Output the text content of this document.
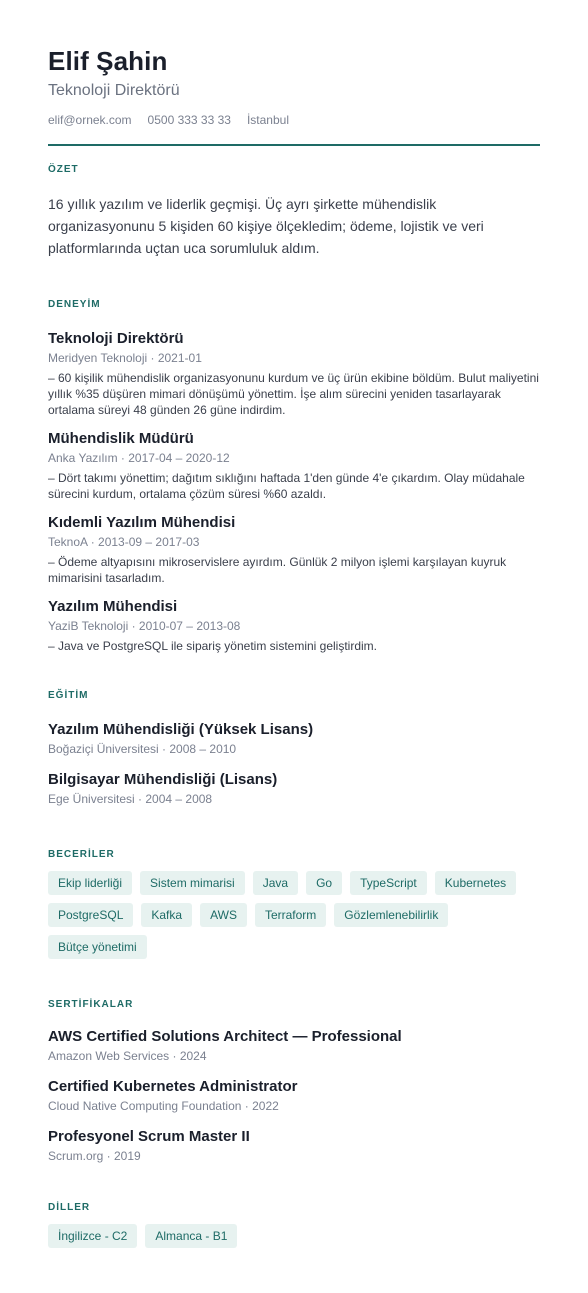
Elif Şahin
Teknoloji Direktörü
elif@ornek.com 0500 333 33 33 İstanbul
ÖZET
16 yıllık yazılım ve liderlik geçmişi. Üç ayrı şirkette mühendislik organizasyonunu 5 kişiden 60 kişiye ölçekledim; ödeme, lojistik ve veri platformlarında uçtan uca sorumluluk aldım.
DENEYİM
Teknoloji Direktörü
Meridyen Teknoloji · 2021-01
– 60 kişilik mühendislik organizasyonunu kurdum ve üç ürün ekibine böldüm. Bulut maliyetini yıllık %35 düşüren mimari dönüşümü yönettim. İşe alım sürecini yeniden tasarlayarak ortalama süreyi 48 günden 26 güne indirdim.
Mühendislik Müdürü
Anka Yazılım · 2017-04 – 2020-12
– Dört takımı yönettim; dağıtım sıklığını haftada 1'den günde 4'e çıkardım. Olay müdahale sürecini kurdum, ortalama çözüm süresi %60 azaldı.
Kıdemli Yazılım Mühendisi
TeknoA · 2013-09 – 2017-03
– Ödeme altyapısını mikroservislere ayırdım. Günlük 2 milyon işlemi karşılayan kuyruk mimarisini tasarladım.
Yazılım Mühendisi
YaziB Teknoloji · 2010-07 – 2013-08
– Java ve PostgreSQL ile sipariş yönetim sistemini geliştirdim.
EĞİTİM
Yazılım Mühendisliği (Yüksek Lisans)
Boğaziçi Üniversitesi · 2008 – 2010
Bilgisayar Mühendisliği (Lisans)
Ege Üniversitesi · 2004 – 2008
BECERİLER
Ekip liderliği	Sistem mimarisi	Java	Go	TypeScript	Kubernetes
PostgreSQL	Kafka	AWS	Terraform	Gözlemlenebilirlik
Bütçe yönetimi
SERTİFİKALAR
AWS Certified Solutions Architect — Professional
Amazon Web Services · 2024
Certified Kubernetes Administrator
Cloud Native Computing Foundation · 2022
Profesyonel Scrum Master II
Scrum.org · 2019
DİLLER
İngilizce - C2	Almanca - B1
